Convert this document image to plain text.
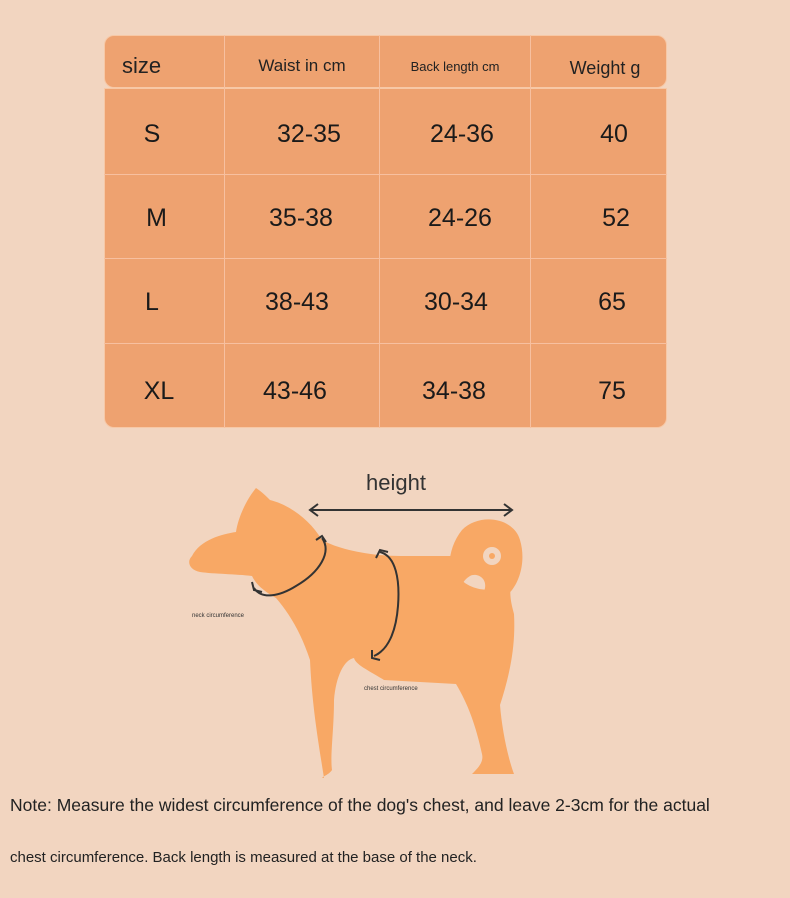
size	Waist in cm	Back length cm	Weight g
S	32-35	24-36	40
M	35-38	24-26	52
L	38-43	30-34	65
XL	43-46	34-38	75
height
neck circumference
chest circumference
Note: Measure the widest circumference of the dog's chest, and leave 2-3cm for the actual
chest circumference. Back length is measured at the base of the neck.
